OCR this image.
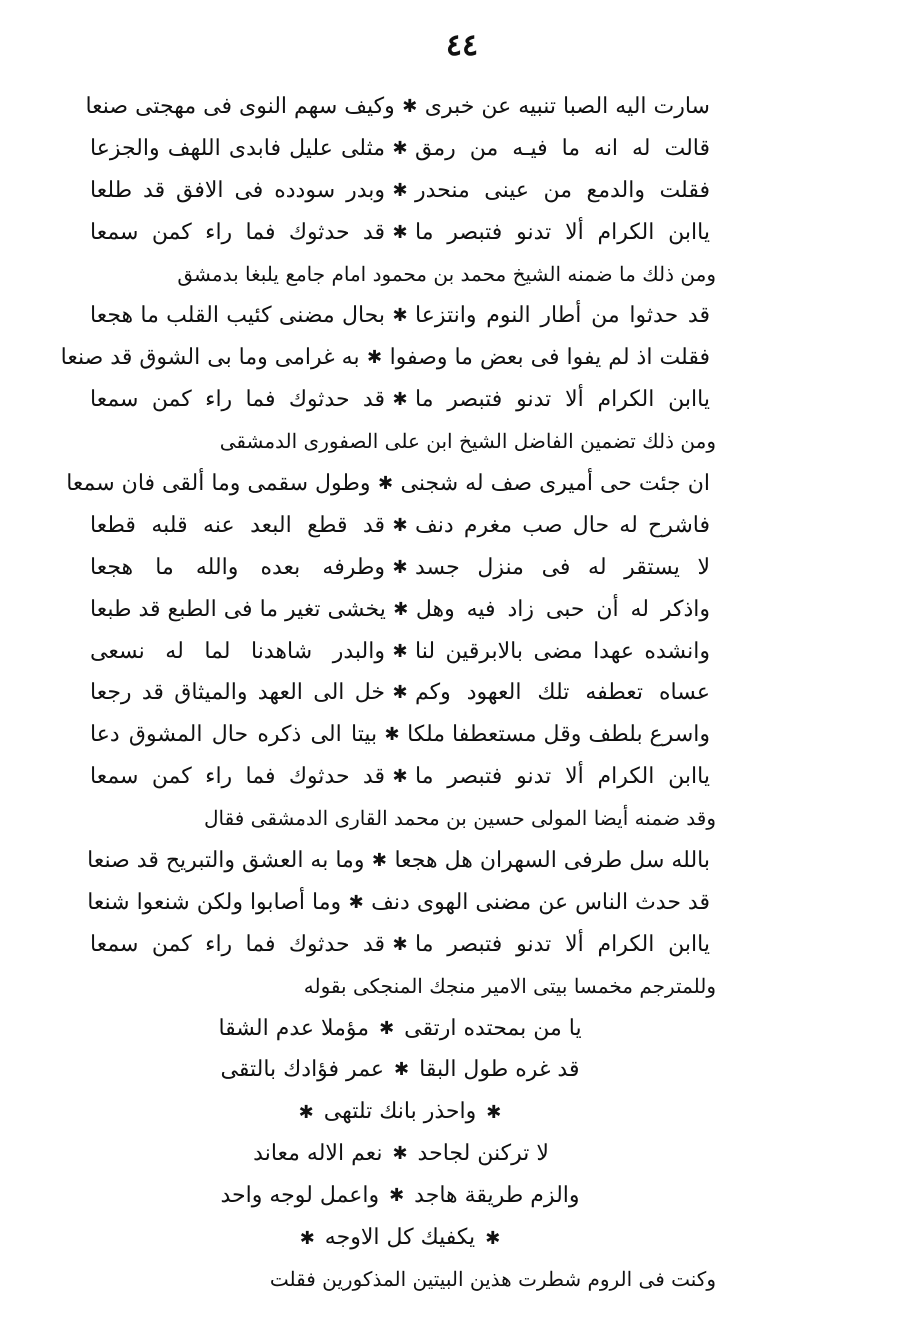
٤٤
سارت اليه الصبا تنبيه عن خبرى
✱
وكيف سهم النوى فى مهجتى صنعا
قالت له انه ما فيـه من رمق
✱
مثلى عليل فابدى اللهف والجزعا
فقلت والدمع من عينى منحدر
✱
وبدر سودده فى الافق قد طلعا
ياابن الكرام ألا تدنو فتبصر ما
✱
قد حدثوك فما راء كمن سمعا
ومن ذلك ما ضمنه الشيخ محمد بن محمود امام جامع يلبغا بدمشق
قد حدثوا من أطار النوم وانتزعا
✱
بحال مضنى كئيب القلب ما هجعا
فقلت اذ لم يفوا فى بعض ما وصفوا
✱
به غرامى وما بى الشوق قد صنعا
ياابن الكرام ألا تدنو فتبصر ما
✱
قد حدثوك فما راء كمن سمعا
ومن ذلك تضمين الفاضل الشيخ ابن على الصفورى الدمشقى
ان جئت حى أميرى صف له شجنى
✱
وطول سقمى وما ألقى فان سمعا
فاشرح له حال صب مغرم دنف
✱
قد قطع البعد عنه قلبه قطعا
لا يستقر له فى منزل جسد
✱
وطرفه بعده والله ما هجعا
واذكر له أن حبى زاد فيه وهل
✱
يخشى تغير ما فى الطبع قد طبعا
وانشده عهدا مضى بالابرقين لنا
✱
والبدر شاهدنا لما له نسعى
عساه تعطفه تلك العهود وكم
✱
خل الى العهد والميثاق قد رجعا
واسرع بلطف وقل مستعطفا ملكا
✱
بيتا الى ذكره حال المشوق دعا
ياابن الكرام ألا تدنو فتبصر ما
✱
قد حدثوك فما راء كمن سمعا
وقد ضمنه أيضا المولى حسين بن محمد القارى الدمشقى فقال
بالله سل طرفى السهران هل هجعا
✱
وما به العشق والتبريح قد صنعا
قد حدث الناس عن مضنى الهوى دنف
✱
وما أصابوا ولكن شنعوا شنعا
ياابن الكرام ألا تدنو فتبصر ما
✱
قد حدثوك فما راء كمن سمعا
وللمترجم مخمسا بيتى الامير منجك المنجكى بقوله
يا من بمحتده ارتقى
✱
مؤملا عدم الشقا
قد غره طول البقا
✱
عمر فؤادك بالتقى
✱واحذر بانك تلتهى✱
لا تركنن لجاحد
✱
نعم الاله معاند
والزم طريقة هاجد
✱
واعمل لوجه واحد
✱يكفيك كل الاوجه✱
وكنت فى الروم شطرت هذين البيتين المذكورين فقلت
